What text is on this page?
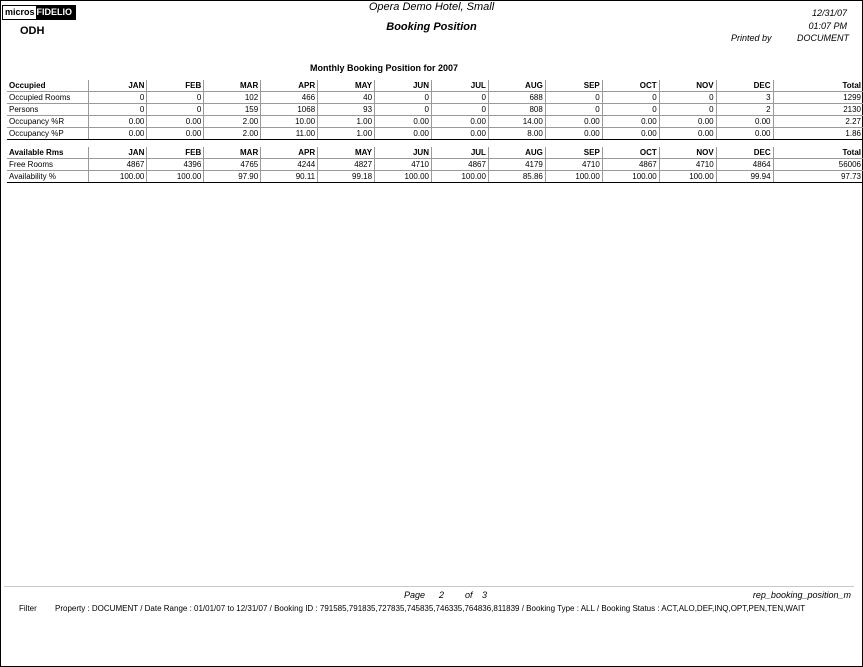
micros FIDELIO
ODH
Opera Demo Hotel, Small
Booking Position
12/31/07
01:07 PM
Printed by	DOCUMENT
Monthly Booking Position for 2007
Occupied	JAN	FEB	MAR	APR	MAY	JUN	JUL	AUG	SEP	OCT	NOV	DEC	Total
Occupied Rooms	0	0	102	466	40	0	0	688	0	0	0	3	1299
Persons	0	0	159	1068	93	0	0	808	0	0	0	2	2130
Occupancy %R	0.00	0.00	2.00	10.00	1.00	0.00	0.00	14.00	0.00	0.00	0.00	0.00	2.27
Occupancy %P	0.00	0.00	2.00	11.00	1.00	0.00	0.00	8.00	0.00	0.00	0.00	0.00	1.86
Available Rms	JAN	FEB	MAR	APR	MAY	JUN	JUL	AUG	SEP	OCT	NOV	DEC	Total
Free Rooms	4867	4396	4765	4244	4827	4710	4867	4179	4710	4867	4710	4864	56006
Availability %	100.00	100.00	97.90	90.11	99.18	100.00	100.00	85.86	100.00	100.00	100.00	99.94	97.73
Page 2 of 3	rep_booking_position_m
Filter Property : DOCUMENT / Date Range : 01/01/07 to 12/31/07 / Booking ID : 791585,791835,727835,745835,746335,764836,811839 / Booking Type : ALL / Booking Status : ACT,ALO,DEF,INQ,OPT,PEN,TEN,WAIT
